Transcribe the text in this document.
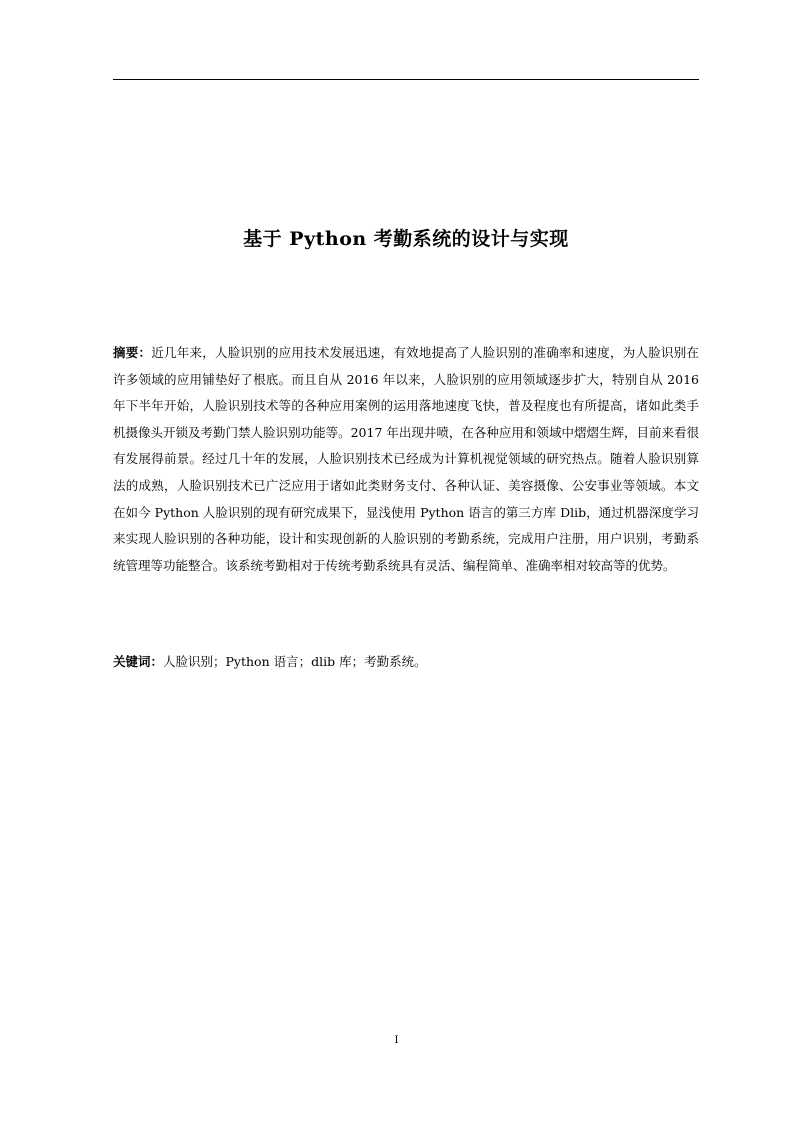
基于 Python 考勤系统的设计与实现

摘要：近几年来，人脸识别的应用技术发展迅速，有效地提高了人脸识别的准确率和速度，为人脸识别在许多领域的应用铺垫好了根底。而且自从 2016 年以来，人脸识别的应用领域逐步扩大，特别自从 2016 年下半年开始，人脸识别技术等的各种应用案例的运用落地速度飞快，普及程度也有所提高，诸如此类手机摄像头开锁及考勤门禁人脸识别功能等。2017 年出现井喷，在各种应用和领域中熠熠生辉，目前来看很有发展得前景。经过几十年的发展，人脸识别技术已经成为计算机视觉领域的研究热点。随着人脸识别算法的成熟，人脸识别技术已广泛应用于诸如此类财务支付、各种认证、美容摄像、公安事业等领域。本文在如今 Python 人脸识别的现有研究成果下，显浅使用 Python 语言的第三方库 Dlib，通过机器深度学习来实现人脸识别的各种功能，设计和实现创新的人脸识别的考勤系统，完成用户注册，用户识别，考勤系统管理等功能整合。该系统考勤相对于传统考勤系统具有灵活、编程简单、准确率相对较高等的优势。

关键词：人脸识别；Python 语言；dlib 库；考勤系统。

I
